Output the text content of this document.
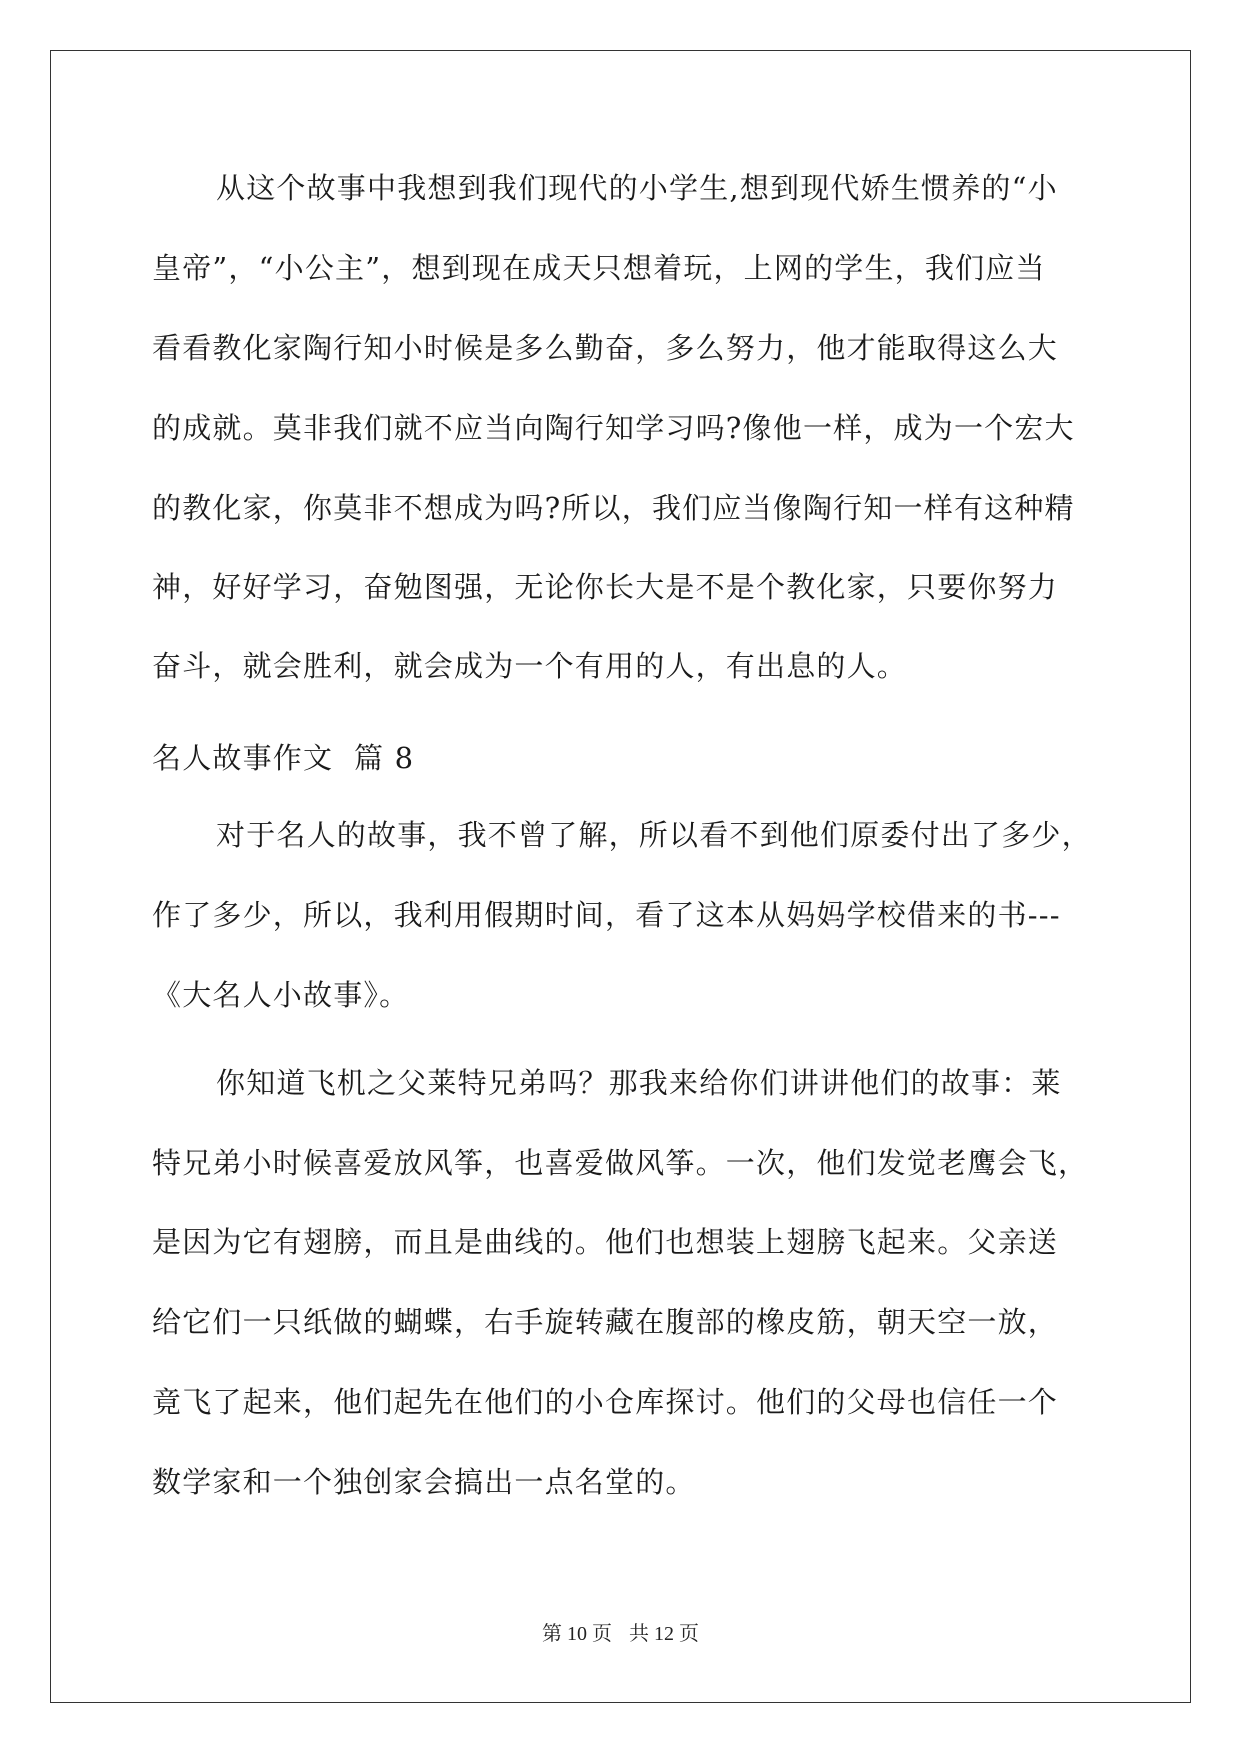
从这个故事中我想到我们现代的小学生,想到现代娇生惯养的“小
皇帝”，“小公主”，想到现在成天只想着玩，上网的学生，我们应当
看看教化家陶行知小时候是多么勤奋，多么努力，他才能取得这么大
的成就。莫非我们就不应当向陶行知学习吗?像他一样，成为一个宏大
的教化家，你莫非不想成为吗?所以，我们应当像陶行知一样有这种精
神，好好学习，奋勉图强，无论你长大是不是个教化家，只要你努力
奋斗，就会胜利，就会成为一个有用的人，有出息的人。
名人故事作文  篇 8
对于名人的故事，我不曾了解，所以看不到他们原委付出了多少，
作了多少，所以，我利用假期时间，看了这本从妈妈学校借来的书---
《大名人小故事》。
你知道飞机之父莱特兄弟吗？那我来给你们讲讲他们的故事：莱
特兄弟小时候喜爱放风筝，也喜爱做风筝。一次，他们发觉老鹰会飞，
是因为它有翅膀，而且是曲线的。他们也想装上翅膀飞起来。父亲送
给它们一只纸做的蝴蝶，右手旋转藏在腹部的橡皮筋，朝天空一放，
竟飞了起来，他们起先在他们的小仓库探讨。他们的父母也信任一个
数学家和一个独创家会搞出一点名堂的。
第 10 页 共 12 页
